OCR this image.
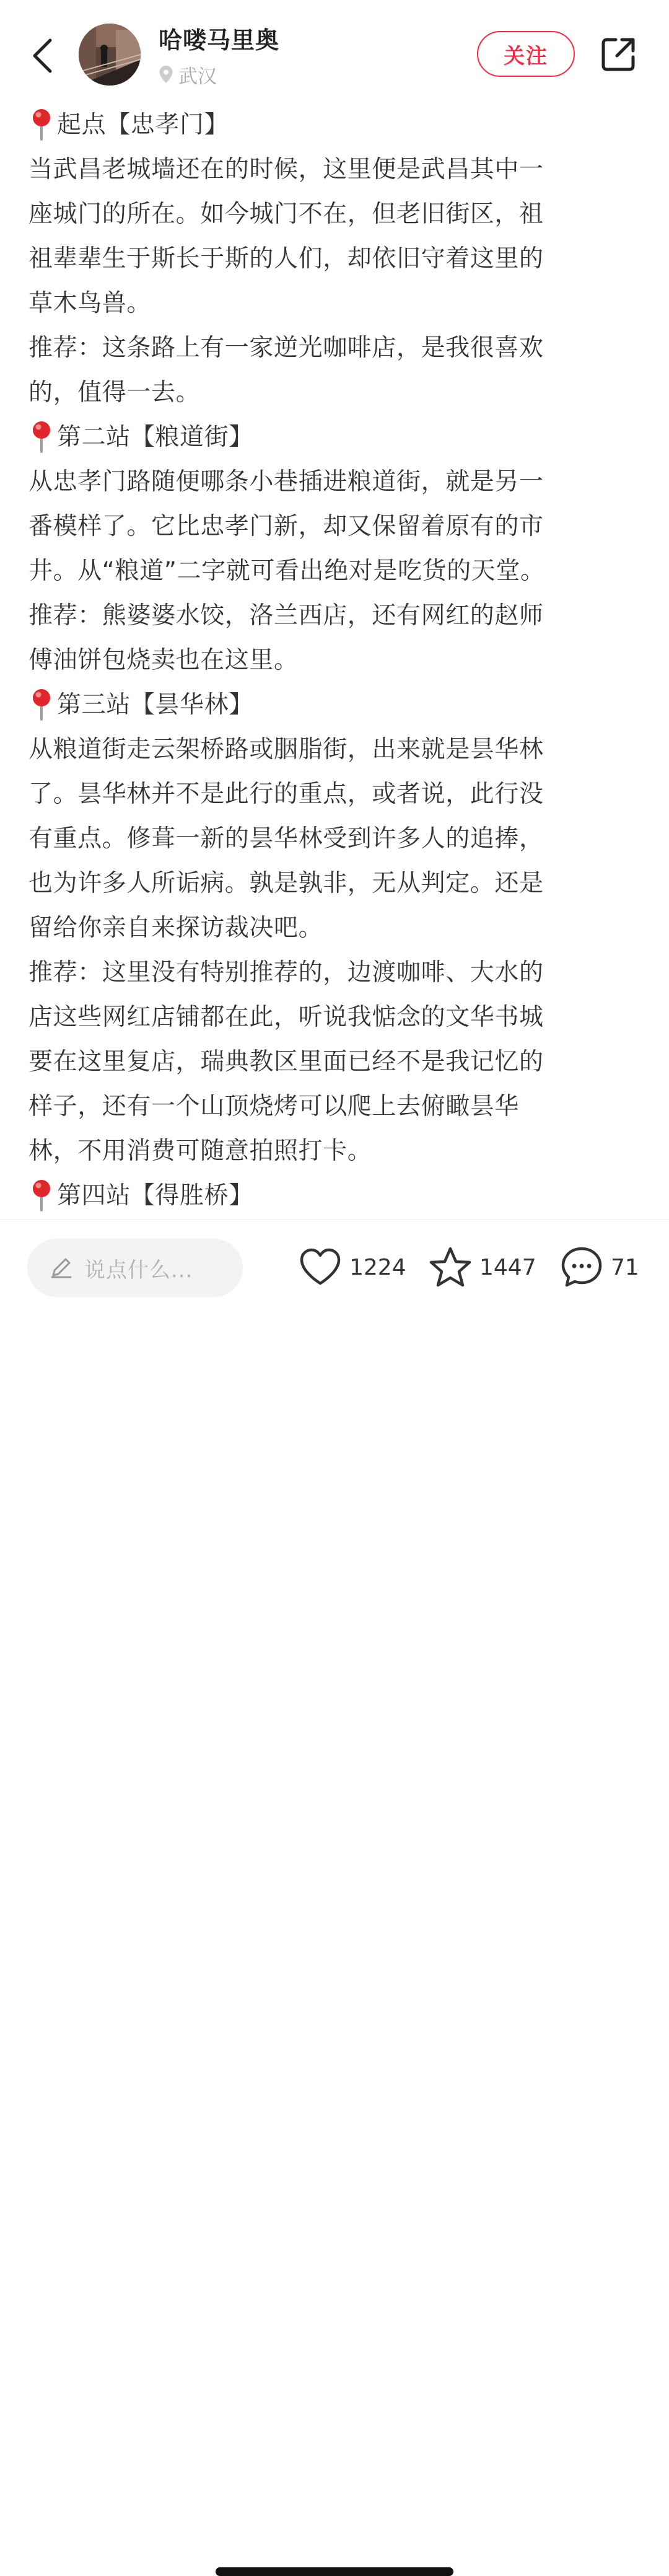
哈喽马里奥
武汉
关注
起点【忠孝门】
当武昌老城墙还在的时候，这里便是武昌其中一
座城门的所在。如今城门不在，但老旧街区，祖
祖辈辈生于斯长于斯的人们，却依旧守着这里的
草木鸟兽。
推荐：这条路上有一家逆光咖啡店，是我很喜欢
的，值得一去。
第二站【粮道街】
从忠孝门路随便哪条小巷插进粮道街，就是另一
番模样了。它比忠孝门新，却又保留着原有的市
井。从“粮道”二字就可看出绝对是吃货的天堂。
推荐：熊婆婆水饺，洛兰西店，还有网红的赵师
傅油饼包烧卖也在这里。
第三站【昙华林】
从粮道街走云架桥路或胭脂街，出来就是昙华林
了。昙华林并不是此行的重点，或者说，此行没
有重点。修葺一新的昙华林受到许多人的追捧，
也为许多人所诟病。孰是孰非，无从判定。还是
留给你亲自来探访裁决吧。
推荐：这里没有特别推荐的，边渡咖啡、大水的
店这些网红店铺都在此，听说我惦念的文华书城
要在这里复店，瑞典教区里面已经不是我记忆的
样子，还有一个山顶烧烤可以爬上去俯瞰昙华
林，不用消费可随意拍照打卡。
第四站【得胜桥】
说点什么...	1224	1447	71
